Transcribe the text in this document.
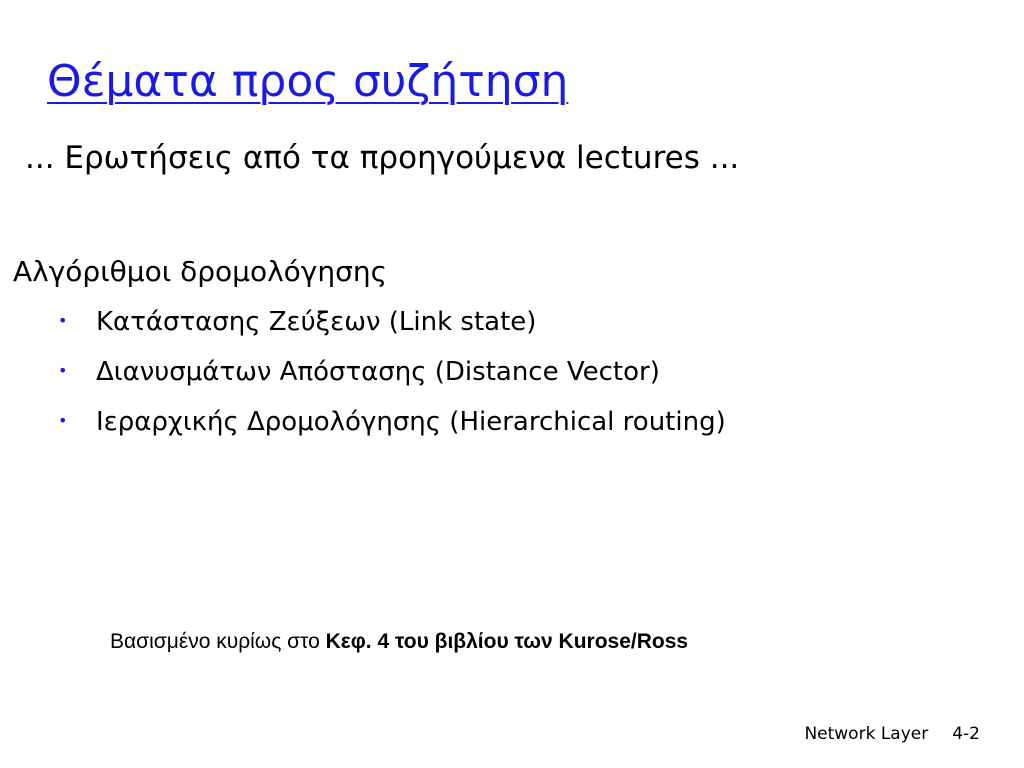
Θέματα προς συζήτηση
... Ερωτήσεις από τα προηγούμενα lectures ...
Αλγόριθμοι δρομολόγησης
•	Κατάστασης Ζεύξεων (Link state)
•	Διανυσμάτων Απόστασης (Distance Vector)
•	Ιεραρχικής Δρομολόγησης (Hierarchical routing)
Βασισμένο κυρίως στο Κεφ. 4 του βιβλίου των Kurose/Ross
Network Layer 4-2
